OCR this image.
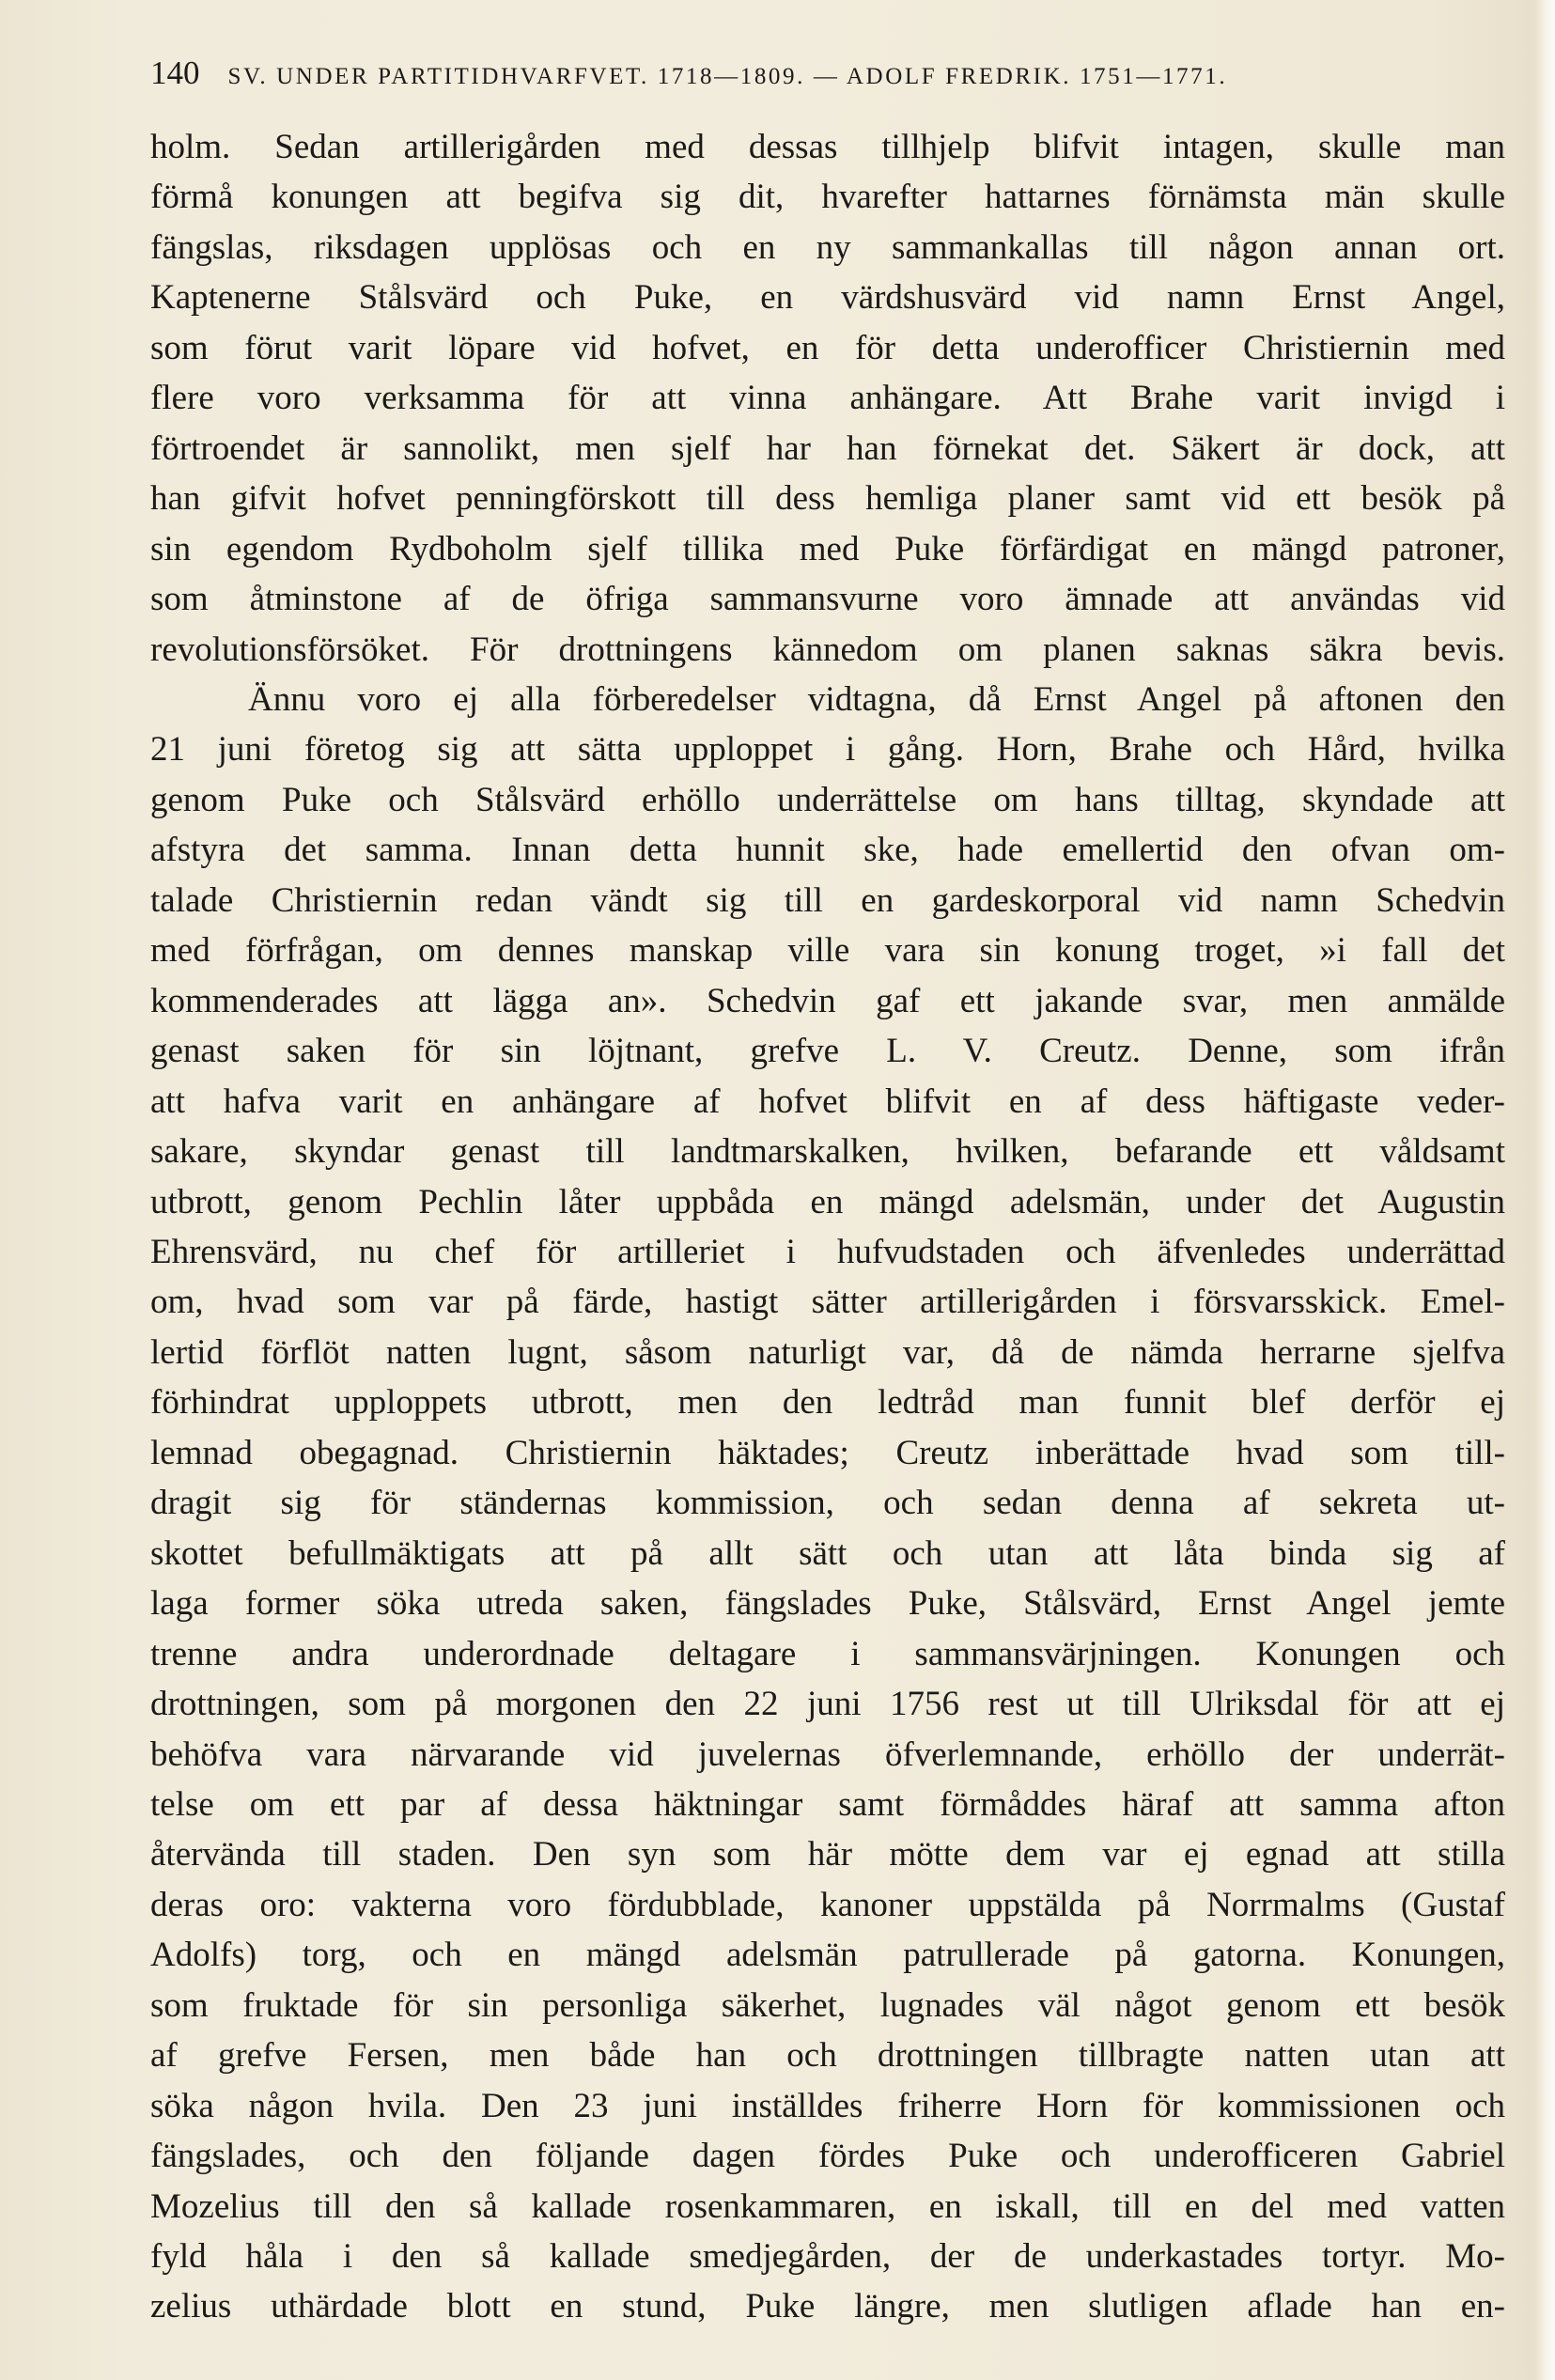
140 SV. UNDER PARTITIDHVARFVET. 1718—1809. — ADOLF FREDRIK. 1751—1771.

holm. Sedan artillerigården med dessas tillhjelp blifvit intagen, skulle man

förmå konungen att begifva sig dit, hvarefter hattarnes förnämsta män skulle

fängslas, riksdagen upplösas och en ny sammankallas till någon annan ort.

Kaptenerne Stålsvärd och Puke, en värdshusvärd vid namn Ernst Angel,

som förut varit löpare vid hofvet, en för detta underofficer Christiernin med

flere voro verksamma för att vinna anhängare. Att Brahe varit invigd i

förtroendet är sannolikt, men sjelf har han förnekat det. Säkert är dock, att

han gifvit hofvet penningförskott till dess hemliga planer samt vid ett besök på

sin egendom Rydboholm sjelf tillika med Puke förfärdigat en mängd patroner,

som åtminstone af de öfriga sammansvurne voro ämnade att användas vid

revolutionsförsöket. För drottningens kännedom om planen saknas säkra bevis.

Ännu voro ej alla förberedelser vidtagna, då Ernst Angel på aftonen den

21 juni företog sig att sätta upploppet i gång. Horn, Brahe och Hård, hvilka

genom Puke och Stålsvärd erhöllo underrättelse om hans tilltag, skyndade att

afstyra det samma. Innan detta hunnit ske, hade emellertid den ofvan om-

talade Christiernin redan vändt sig till en gardeskorporal vid namn Schedvin

med förfrågan, om dennes manskap ville vara sin konung troget, »i fall det

kommenderades att lägga an». Schedvin gaf ett jakande svar, men anmälde

genast saken för sin löjtnant, grefve L. V. Creutz. Denne, som ifrån

att hafva varit en anhängare af hofvet blifvit en af dess häftigaste veder-

sakare, skyndar genast till landtmarskalken, hvilken, befarande ett våldsamt

utbrott, genom Pechlin låter uppbåda en mängd adelsmän, under det Augustin

Ehrensvärd, nu chef för artilleriet i hufvudstaden och äfvenledes underrättad

om, hvad som var på färde, hastigt sätter artillerigården i försvarsskick. Emel-

lertid förflöt natten lugnt, såsom naturligt var, då de nämda herrarne sjelfva

förhindrat upploppets utbrott, men den ledtråd man funnit blef derför ej

lemnad obegagnad. Christiernin häktades; Creutz inberättade hvad som till-

dragit sig för ständernas kommission, och sedan denna af sekreta ut-

skottet befullmäktigats att på allt sätt och utan att låta binda sig af

laga former söka utreda saken, fängslades Puke, Stålsvärd, Ernst Angel jemte

trenne andra underordnade deltagare i sammansvärjningen. Konungen och

drottningen, som på morgonen den 22 juni 1756 rest ut till Ulriksdal för att ej

behöfva vara närvarande vid juvelernas öfverlemnande, erhöllo der underrät-

telse om ett par af dessa häktningar samt förmåddes häraf att samma afton

återvända till staden. Den syn som här mötte dem var ej egnad att stilla

deras oro: vakterna voro fördubblade, kanoner uppstälda på Norrmalms (Gustaf

Adolfs) torg, och en mängd adelsmän patrullerade på gatorna. Konungen,

som fruktade för sin personliga säkerhet, lugnades väl något genom ett besök

af grefve Fersen, men både han och drottningen tillbragte natten utan att

söka någon hvila. Den 23 juni inställdes friherre Horn för kommissionen och

fängslades, och den följande dagen fördes Puke och underofficeren Gabriel

Mozelius till den så kallade rosenkammaren, en iskall, till en del med vatten

fyld håla i den så kallade smedjegården, der de underkastades tortyr. Mo-

zelius uthärdade blott en stund, Puke längre, men slutligen aflade han en-
